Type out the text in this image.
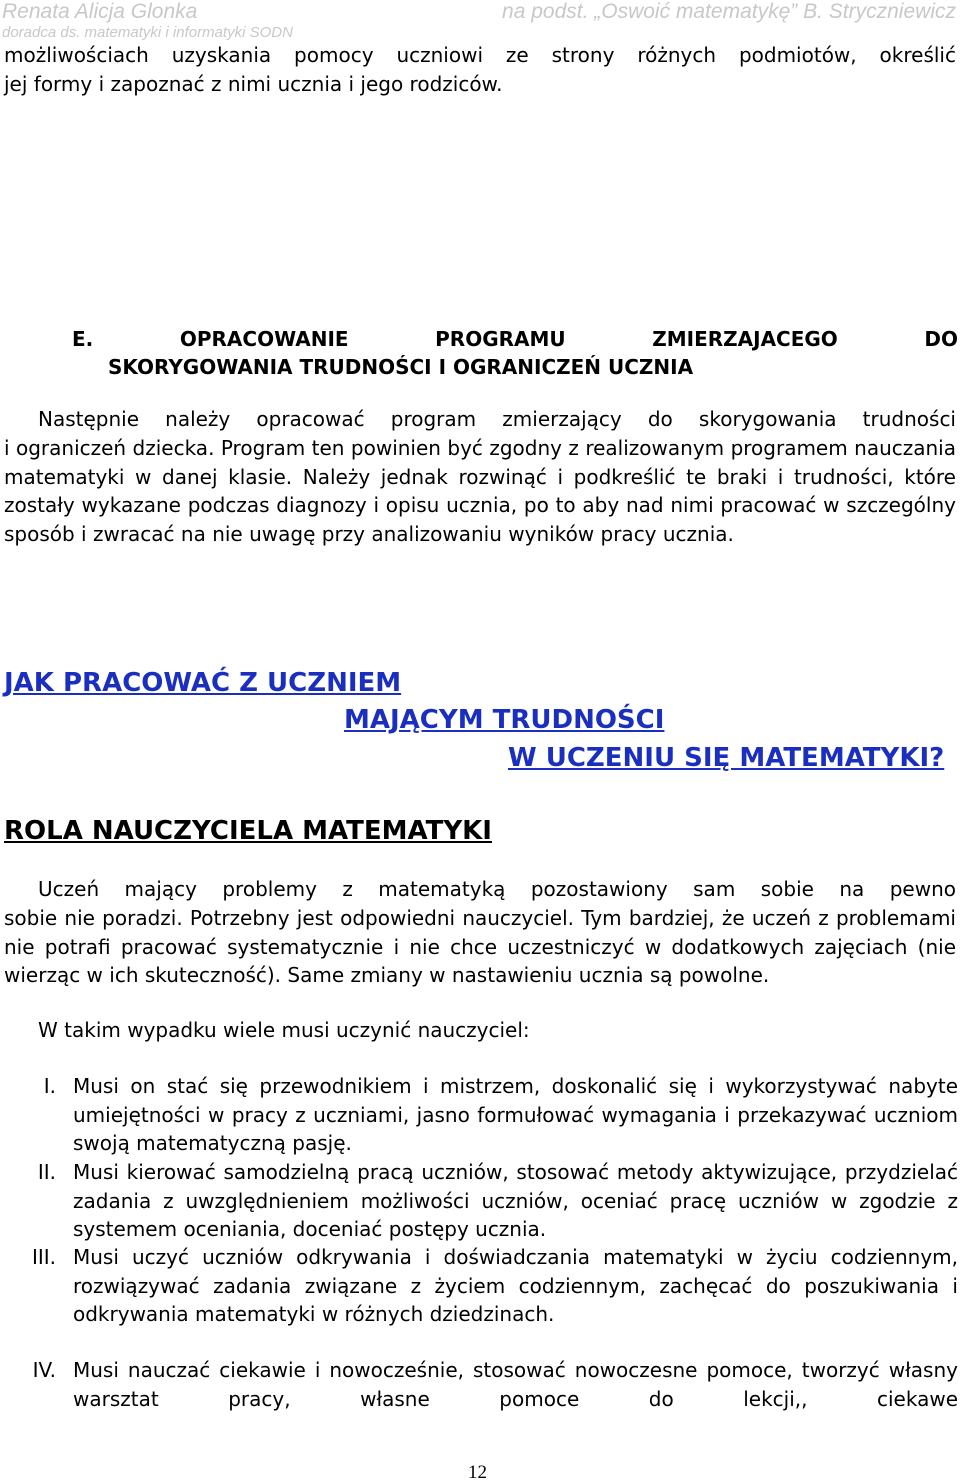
Renata Alicja Glonka	na podst. „Oswoić matematykę” B. Stryczniewicz
doradca ds. matematyki i informatyki SODN
możliwościach uzyskania pomocy uczniowi ze strony różnych podmiotów, określić
jej formy i zapoznać z nimi ucznia i jego rodziców.
E. OPRACOWANIE PROGRAMU ZMIERZAJACEGO DO
SKORYGOWANIA TRUDNOŚCI I OGRANICZEŃ UCZNIA
Następnie należy opracować program zmierzający do skorygowania trudności
i ograniczeń dziecka. Program ten powinien być zgodny z realizowanym programem nauczania matematyki w danej klasie. Należy jednak rozwinąć i podkreślić te braki i trudności, które zostały wykazane podczas diagnozy i opisu ucznia, po to aby nad nimi pracować w szczególny sposób i zwracać na nie uwagę przy analizowaniu wyników pracy ucznia.
JAK PRACOWAĆ Z UCZNIEM
MAJĄCYM TRUDNOŚCI
W UCZENIU SIĘ MATEMATYKI?
ROLA NAUCZYCIELA MATEMATYKI
Uczeń mający problemy z matematyką pozostawiony sam sobie na pewno
sobie nie poradzi. Potrzebny jest odpowiedni nauczyciel. Tym bardziej, że uczeń z problemami nie potrafi pracować systematycznie i nie chce uczestniczyć w dodatkowych zajęciach (nie wierząc w ich skuteczność). Same zmiany w nastawieniu ucznia są powolne.
W takim wypadku wiele musi uczynić nauczyciel:
I. Musi on stać się przewodnikiem i mistrzem, doskonalić się i wykorzystywać nabyte umiejętności w pracy z uczniami, jasno formułować wymagania i przekazywać uczniom swoją matematyczną pasję.
II. Musi kierować samodzielną pracą uczniów, stosować metody aktywizujące, przydzielać zadania z uwzględnieniem możliwości uczniów, oceniać pracę uczniów w zgodzie z systemem oceniania, doceniać postępy ucznia.
III. Musi uczyć uczniów odkrywania i doświadczania matematyki w życiu codziennym, rozwiązywać zadania związane z życiem codziennym, zachęcać do poszukiwania i odkrywania matematyki w różnych dziedzinach.
IV. Musi nauczać ciekawie i nowocześnie, stosować nowoczesne pomoce, tworzyć własny warsztat pracy, własne pomoce do lekcji,, ciekawe
12
